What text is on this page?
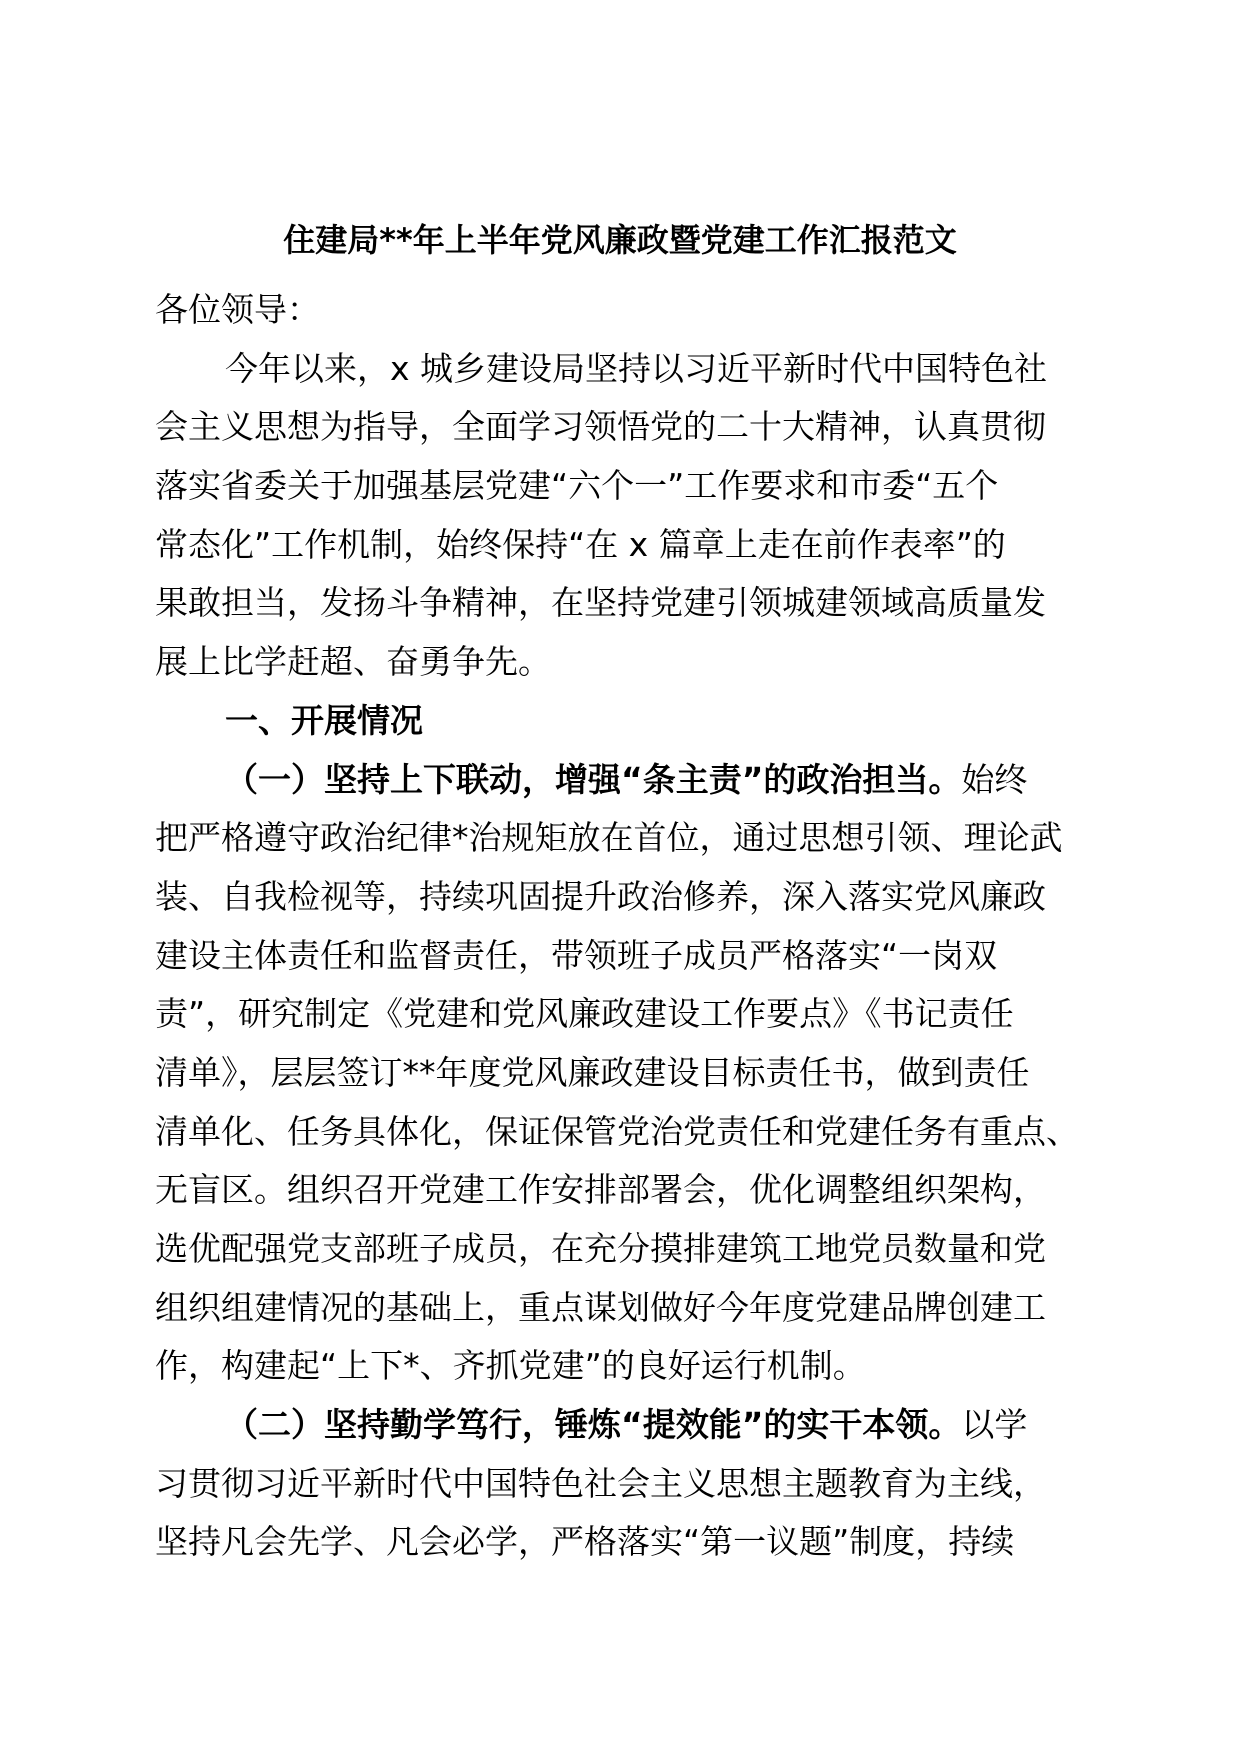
住建局**年上半年党风廉政暨党建工作汇报范文
各位领导：
今年以来，x 城乡建设局坚持以习近平新时代中国特色社
会主义思想为指导，全面学习领悟党的二十大精神，认真贯彻
落实省委关于加强基层党建“六个一”工作要求和市委“五个
常态化”工作机制，始终保持“在 x 篇章上走在前作表率”的
果敢担当，发扬斗争精神，在坚持党建引领城建领域高质量发
展上比学赶超、奋勇争先。
一、开展情况
（一）坚持上下联动，增强“条主责”的政治担当。始终
把严格遵守政治纪律*治规矩放在首位，通过思想引领、理论武
装、自我检视等，持续巩固提升政治修养，深入落实党风廉政
建设主体责任和监督责任，带领班子成员严格落实“一岗双
责”，研究制定《党建和党风廉政建设工作要点》《书记责任
清单》，层层签订**年度党风廉政建设目标责任书，做到责任
清单化、任务具体化，保证保管党治党责任和党建任务有重点、
无盲区。组织召开党建工作安排部署会，优化调整组织架构，
选优配强党支部班子成员，在充分摸排建筑工地党员数量和党
组织组建情况的基础上，重点谋划做好今年度党建品牌创建工
作，构建起“上下*、齐抓党建”的良好运行机制。
（二）坚持勤学笃行，锤炼“提效能”的实干本领。以学
习贯彻习近平新时代中国特色社会主义思想主题教育为主线，
坚持凡会先学、凡会必学，严格落实“第一议题”制度，持续
